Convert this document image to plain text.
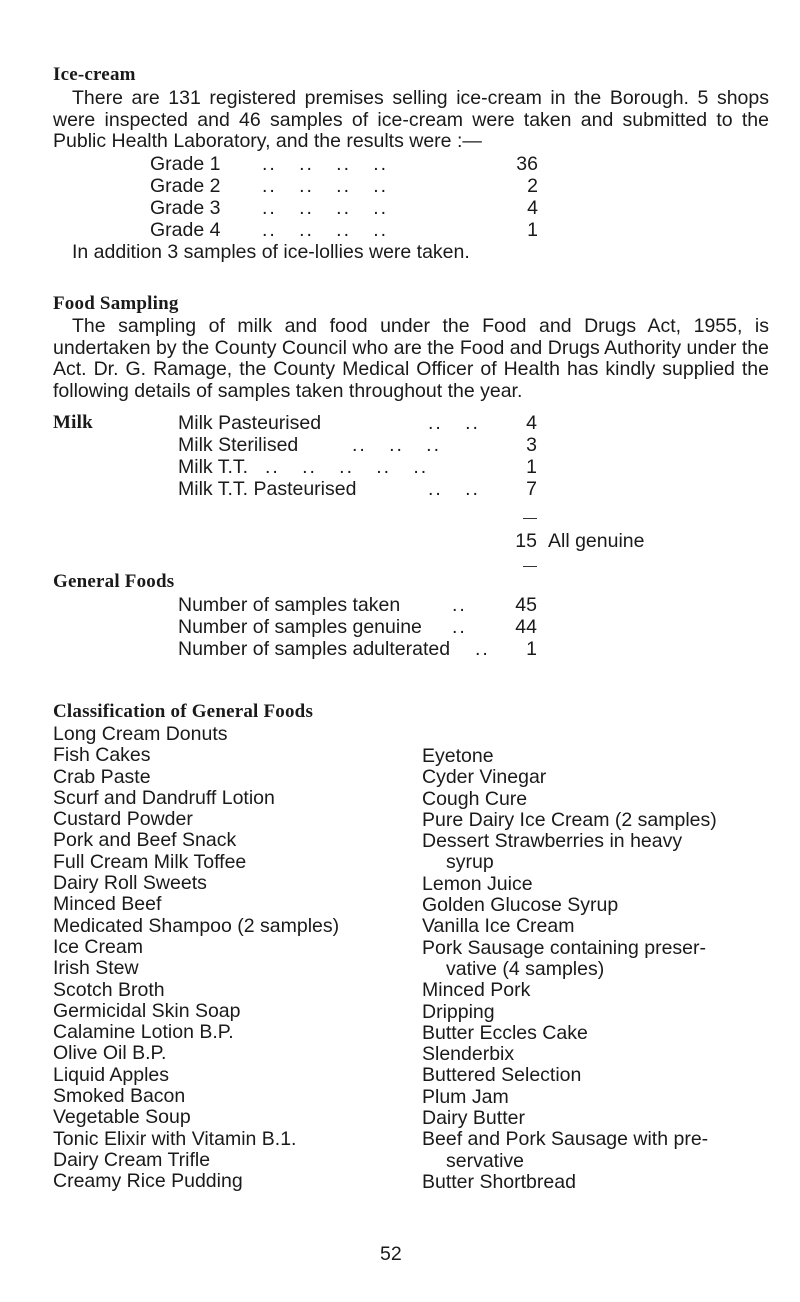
Ice-cream
There are 131 registered premises selling ice-cream in the Borough. 5 shops were inspected and 46 samples of ice-cream were taken and submitted to the Public Health Laboratory, and the results were :—
Grade 1 ..   ..   ..   ..	36
Grade 2 ..   ..   ..   ..	2
Grade 3 ..   ..   ..   ..	4
Grade 4 ..   ..   ..   ..	1
In addition 3 samples of ice-lollies were taken.
Food Sampling
The sampling of milk and food under the Food and Drugs Act, 1955, is undertaken by the County Council who are the Food and Drugs Authority under the Act. Dr. G. Ramage, the County Medical Officer of Health has kindly supplied the following details of samples taken throughout the year.
Milk	Milk Pasteurised	..   ..	4
Milk Sterilised	..   ..   ..	3
Milk T.T. ..   ..   ..   ..   ..	1
Milk T.T. Pasteurised	..   ..	7
15 All genuine
General Foods
Number of samples taken	..	45
Number of samples genuine ..	44
Number of samples adulterated ..	1
Classification of General Foods
Long Cream Donuts
Fish Cakes
Crab Paste
Scurf and Dandruff Lotion
Custard Powder
Pork and Beef Snack
Full Cream Milk Toffee
Dairy Roll Sweets
Minced Beef
Medicated Shampoo (2 samples)
Ice Cream
Irish Stew
Scotch Broth
Germicidal Skin Soap
Calamine Lotion B.P.
Olive Oil B.P.
Liquid Apples
Smoked Bacon
Vegetable Soup
Tonic Elixir with Vitamin B.1.
Dairy Cream Trifle
Creamy Rice Pudding
Eyetone
Cyder Vinegar
Cough Cure
Pure Dairy Ice Cream (2 samples)
Dessert Strawberries in heavy
syrup
Lemon Juice
Golden Glucose Syrup
Vanilla Ice Cream
Pork Sausage containing preser-
vative (4 samples)
Minced Pork
Dripping
Butter Eccles Cake
Slenderbix
Buttered Selection
Plum Jam
Dairy Butter
Beef and Pork Sausage with pre-
servative
Butter Shortbread
52
